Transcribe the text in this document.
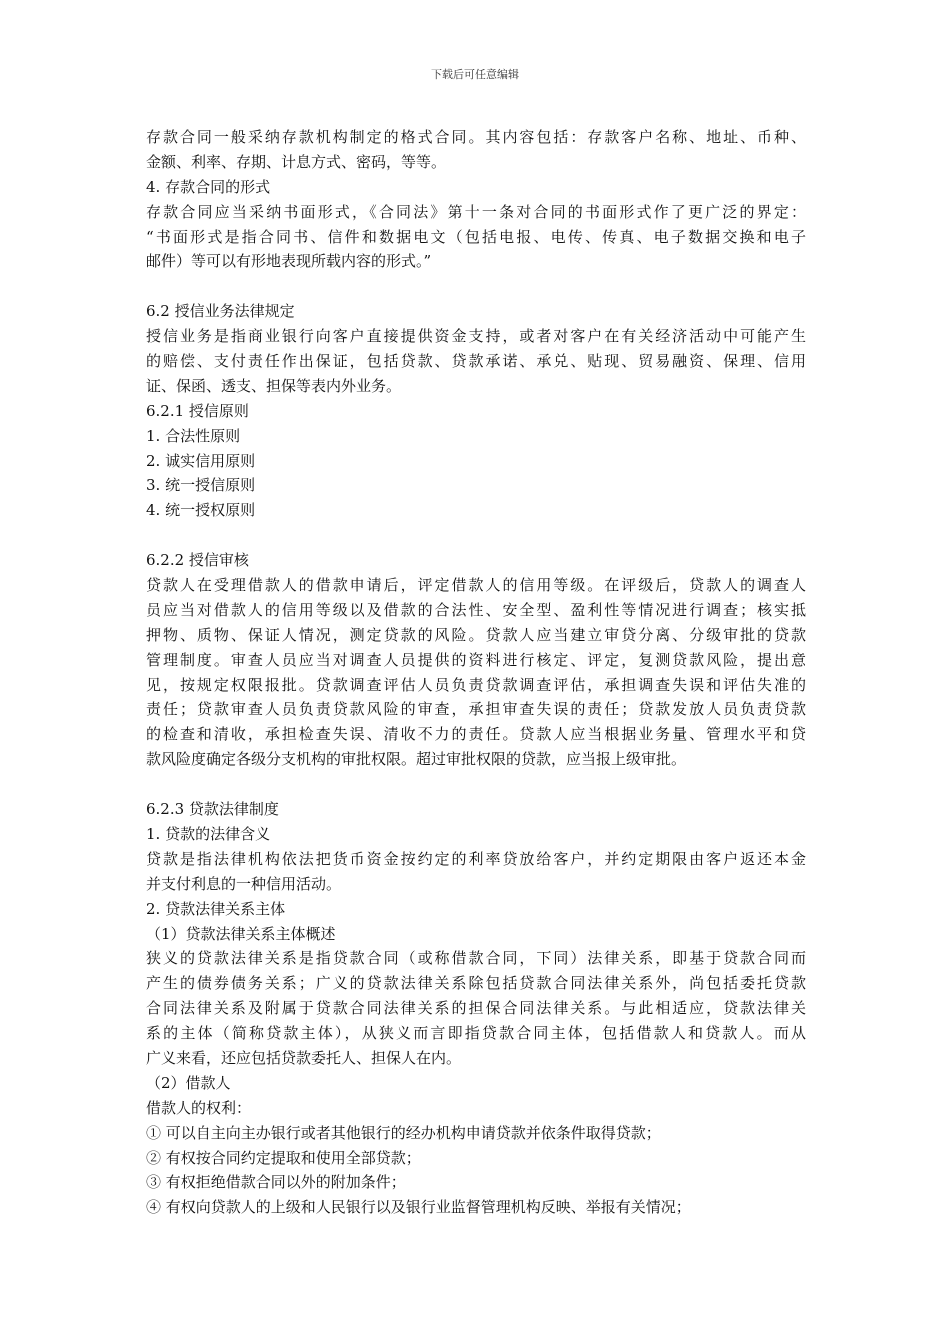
下载后可任意编辑
存款合同一般采纳存款机构制定的格式合同。其内容包括：存款客户名称、地址、币种、
金额、利率、存期、计息方式、密码，等等。
4. 存款合同的形式
存款合同应当采纳书面形式，《合同法》第十一条对合同的书面形式作了更广泛的界定：
“书面形式是指合同书、信件和数据电文（包括电报、电传、传真、电子数据交换和电子
邮件）等可以有形地表现所载内容的形式。”
6.2 授信业务法律规定
授信业务是指商业银行向客户直接提供资金支持，或者对客户在有关经济活动中可能产生
的赔偿、支付责任作出保证，包括贷款、贷款承诺、承兑、贴现、贸易融资、保理、信用
证、保函、透支、担保等表内外业务。
6.2.1 授信原则
1. 合法性原则
2. 诚实信用原则
3. 统一授信原则
4. 统一授权原则
6.2.2 授信审核
贷款人在受理借款人的借款申请后，评定借款人的信用等级。在评级后，贷款人的调查人
员应当对借款人的信用等级以及借款的合法性、安全型、盈利性等情况进行调查；核实抵
押物、质物、保证人情况，测定贷款的风险。贷款人应当建立审贷分离、分级审批的贷款
管理制度。审查人员应当对调查人员提供的资料进行核定、评定，复测贷款风险，提出意
见，按规定权限报批。贷款调查评估人员负责贷款调查评估，承担调查失误和评估失准的
责任；贷款审查人员负责贷款风险的审查，承担审查失误的责任；贷款发放人员负责贷款
的检查和清收，承担检查失误、清收不力的责任。贷款人应当根据业务量、管理水平和贷
款风险度确定各级分支机构的审批权限。超过审批权限的贷款，应当报上级审批。
6.2.3 贷款法律制度
1. 贷款的法律含义
贷款是指法律机构依法把货币资金按约定的利率贷放给客户，并约定期限由客户返还本金
并支付利息的一种信用活动。
2. 贷款法律关系主体
（1）贷款法律关系主体概述
狭义的贷款法律关系是指贷款合同（或称借款合同，下同）法律关系，即基于贷款合同而
产生的债券债务关系；广义的贷款法律关系除包括贷款合同法律关系外，尚包括委托贷款
合同法律关系及附属于贷款合同法律关系的担保合同法律关系。与此相适应，贷款法律关
系的主体（简称贷款主体），从狭义而言即指贷款合同主体，包括借款人和贷款人。而从
广义来看，还应包括贷款委托人、担保人在内。
（2）借款人
借款人的权利：
① 可以自主向主办银行或者其他银行的经办机构申请贷款并依条件取得贷款；
② 有权按合同约定提取和使用全部贷款；
③ 有权拒绝借款合同以外的附加条件；
④ 有权向贷款人的上级和人民银行以及银行业监督管理机构反映、举报有关情况；
